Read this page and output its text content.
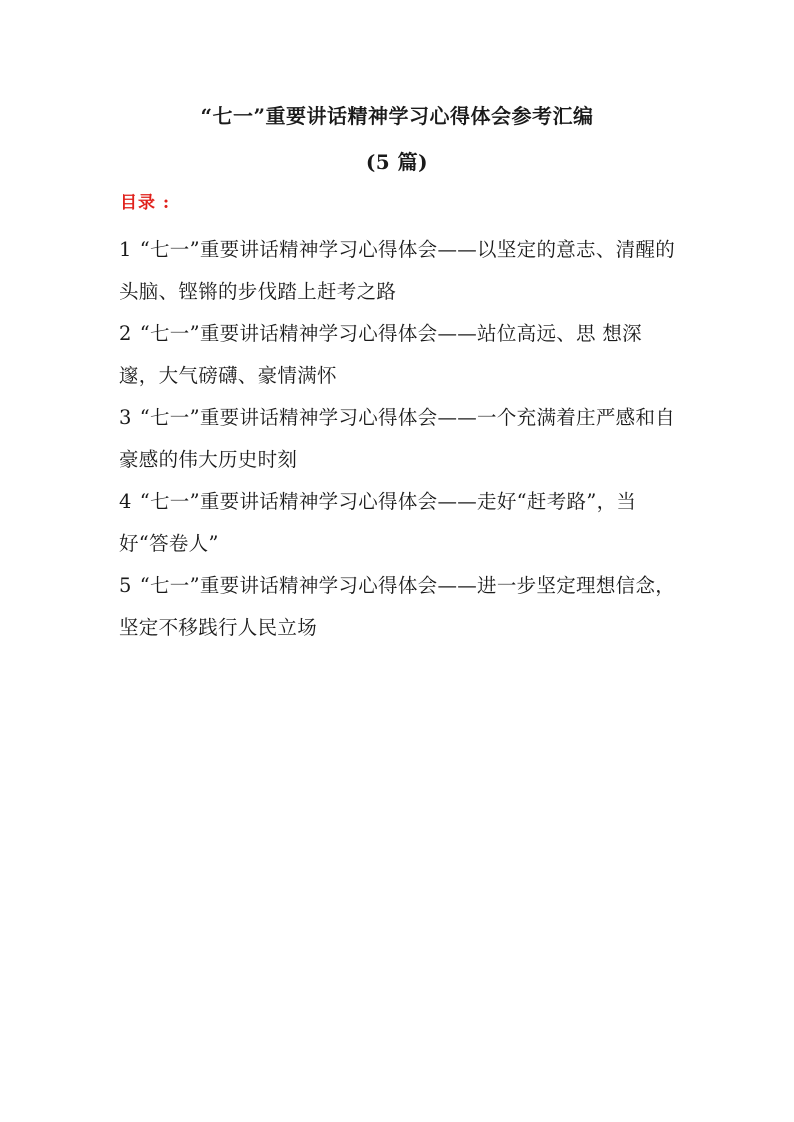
“七一”重要讲话精神学习心得体会参考汇编
(5 篇)
目录 :
1 “七一”重要讲话精神学习心得体会——以坚定的意志、清醒的头脑、铿锵的步伐踏上赶考之路
2 “七一”重要讲话精神学习心得体会——站位高远、思 想深邃，大气磅礴、豪情满怀
3 “七一”重要讲话精神学习心得体会——一个充满着庄严感和自豪感的伟大历史时刻
4 “七一”重要讲话精神学习心得体会——走好“赶考路”，当好“答卷人”
5 “七一”重要讲话精神学习心得体会——进一步坚定理想信念，坚定不移践行人民立场
